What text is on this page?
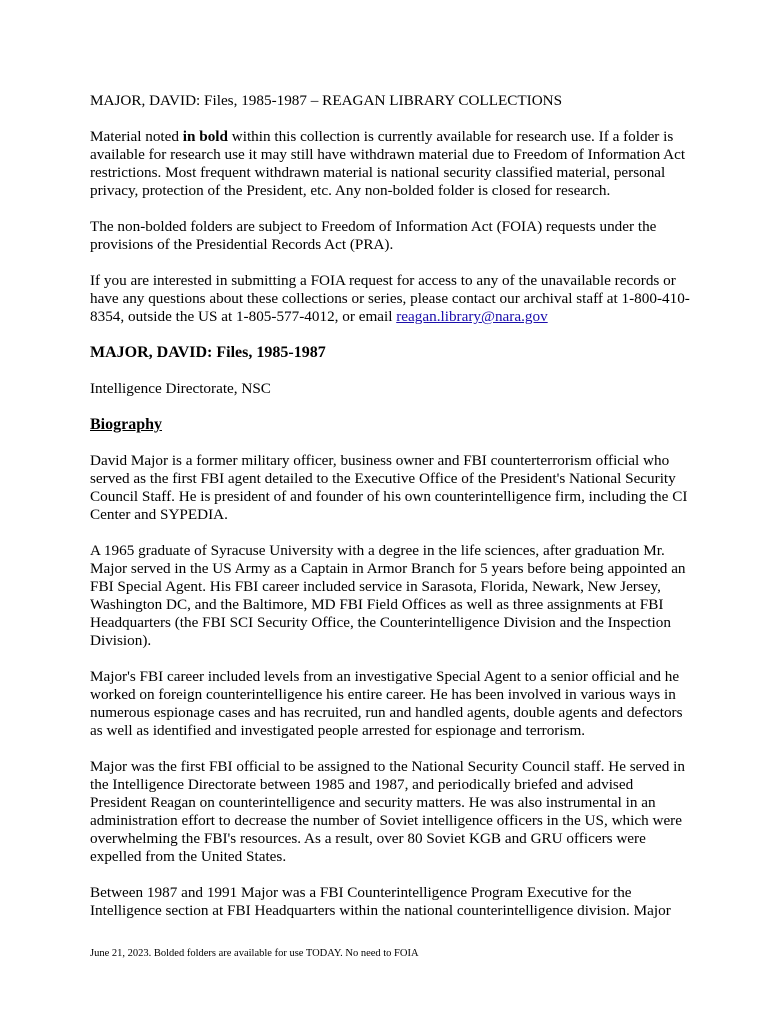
MAJOR, DAVID: Files, 1985-1987 – REAGAN LIBRARY COLLECTIONS

Material noted in bold within this collection is currently available for research use. If a folder is available for research use it may still have withdrawn material due to Freedom of Information Act restrictions. Most frequent withdrawn material is national security classified material, personal privacy, protection of the President, etc. Any non-bolded folder is closed for research.

The non-bolded folders are subject to Freedom of Information Act (FOIA) requests under the provisions of the Presidential Records Act (PRA).

If you are interested in submitting a FOIA request for access to any of the unavailable records or have any questions about these collections or series, please contact our archival staff at 1-800-410-8354, outside the US at 1-805-577-4012, or email reagan.library@nara.gov

MAJOR, DAVID: Files, 1985-1987

Intelligence Directorate, NSC

Biography

David Major is a former military officer, business owner and FBI counterterrorism official who served as the first FBI agent detailed to the Executive Office of the President's National Security Council Staff. He is president of and founder of his own counterintelligence firm, including the CI Center and SYPEDIA.

A 1965 graduate of Syracuse University with a degree in the life sciences, after graduation Mr. Major served in the US Army as a Captain in Armor Branch for 5 years before being appointed an FBI Special Agent. His FBI career included service in Sarasota, Florida, Newark, New Jersey, Washington DC, and the Baltimore, MD FBI Field Offices as well as three assignments at FBI Headquarters (the FBI SCI Security Office, the Counterintelligence Division and the Inspection Division).

Major's FBI career included levels from an investigative Special Agent to a senior official and he worked on foreign counterintelligence his entire career. He has been involved in various ways in numerous espionage cases and has recruited, run and handled agents, double agents and defectors as well as identified and investigated people arrested for espionage and terrorism.

Major was the first FBI official to be assigned to the National Security Council staff. He served in the Intelligence Directorate between 1985 and 1987, and periodically briefed and advised President Reagan on counterintelligence and security matters. He was also instrumental in an administration effort to decrease the number of Soviet intelligence officers in the US, which were overwhelming the FBI's resources. As a result, over 80 Soviet KGB and GRU officers were expelled from the United States.

Between 1987 and 1991 Major was a FBI Counterintelligence Program Executive for the Intelligence section at FBI Headquarters within the national counterintelligence division. Major

June 21, 2023. Bolded folders are available for use TODAY. No need to FOIA
